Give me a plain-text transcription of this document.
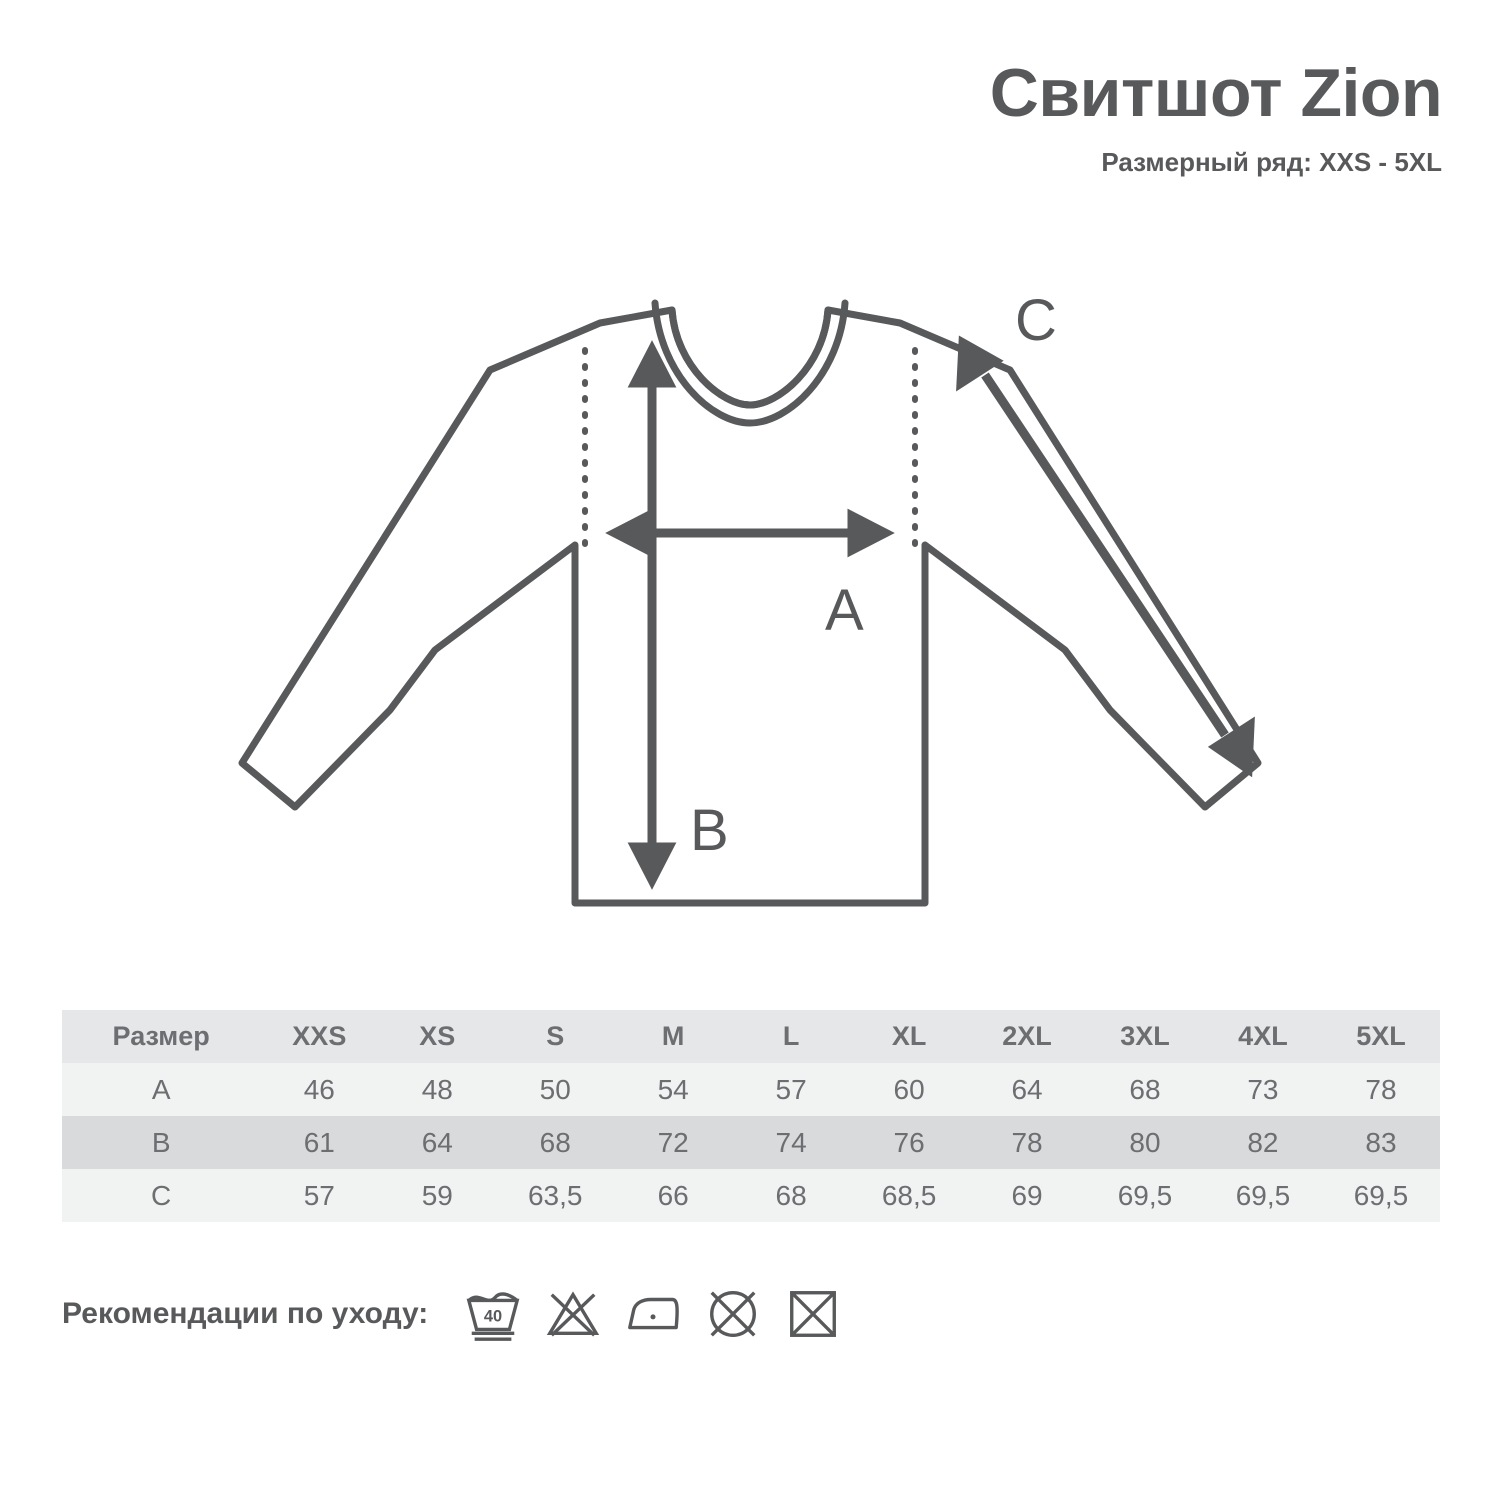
Свитшот Zion
Размерный ряд: XXS - 5XL
A
B
C
Размер	XXS	XS	S	M	L	XL	2XL	3XL	4XL	5XL
A	46	48	50	54	57	60	64	68	73	78
B	61	64	68	72	74	76	78	80	82	83
C	57	59	63,5	66	68	68,5	69	69,5	69,5	69,5
Рекомендации по уходу:	40
